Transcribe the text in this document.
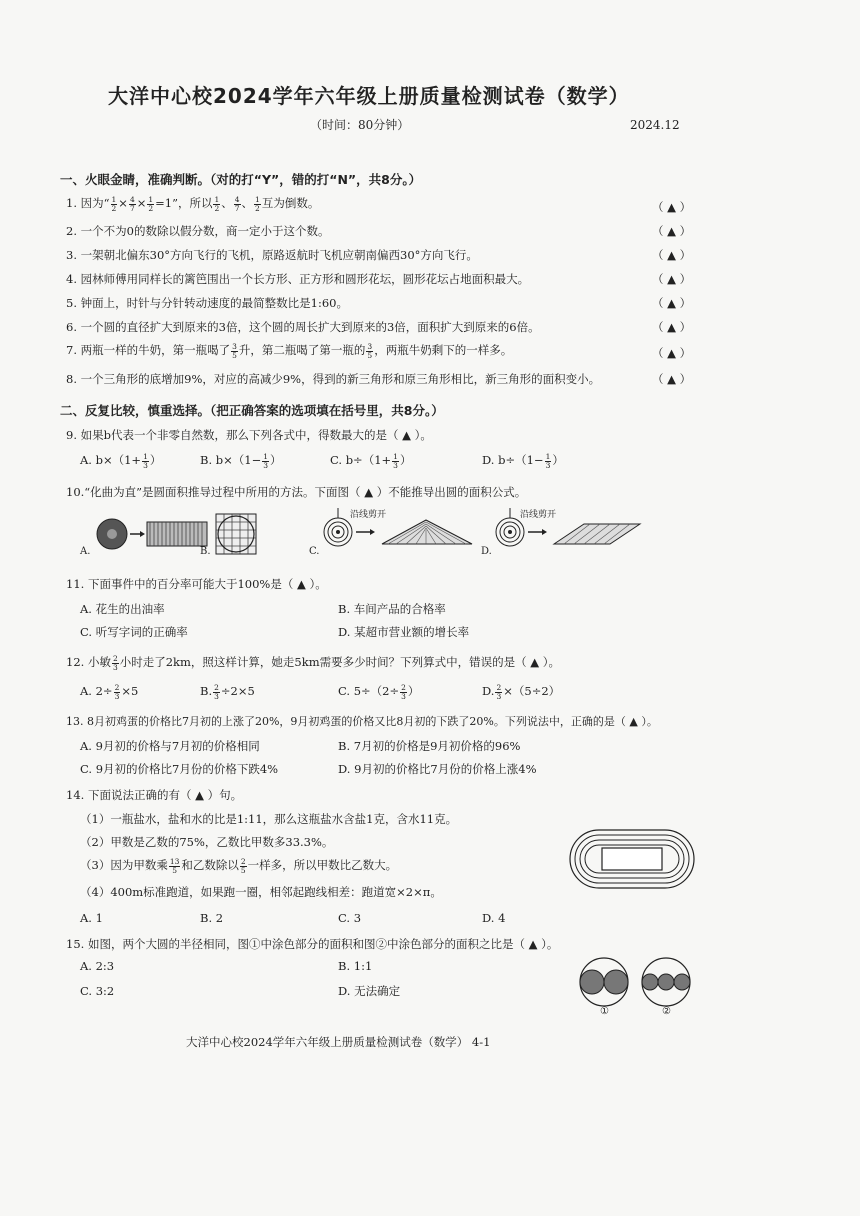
大洋中心校2024学年六年级上册质量检测试卷（数学）
（时间：80分钟）	2024.12
一、火眼金睛，准确判断。（对的打“Y”，错的打“N”，共8分。）
1. 因为“ $\frac{1}{2} \times \frac{4}{7} \times \frac{1}{2} =1$”，所以 $\frac{1}{2}$ 、 $\frac{4}{7}$ 、 $\frac{1}{2}$ 互为倒数。	（ ▲ ）
2. 一个不为0的数除以假分数，商一定小于这个数。	（ ▲ ）
3. 一架朝北偏东30°方向飞行的飞机，原路返航时飞机应朝南偏西30°方向飞行。	（ ▲ ）
4. 园林师傅用同样长的篱笆围出一个长方形、正方形和圆形花坛，圆形花坛占地面积最大。	（ ▲ ）
5. 钟面上，时针与分针转动速度的最简整数比是1:60。	（ ▲ ）
6. 一个圆的直径扩大到原来的3倍，这个圆的周长扩大到原来的3倍，面积扩大到原来的6倍。	（ ▲ ）
7. 两瓶一样的牛奶，第一瓶喝了 $\frac{3}{5}$ 升，第二瓶喝了第一瓶的 $\frac{3}{5}$ ，两瓶牛奶剩下的一样多。	（ ▲ ）
8. 一个三角形的底增加9%，对应的高减少9%，得到的新三角形和原三角形相比，新三角形的面积变小。	（ ▲ ）
二、反复比较，慎重选择。（把正确答案的选项填在括号里，共8分。）
9. 如果b代表一个非零自然数，那么下列各式中，得数最大的是（ ▲ ）。
A. $b\times(1+ \frac{1}{3}$ ）	B. $b\times(1- \frac{1}{3}$ ）	C. $b\div(1+ \frac{1}{3}$ ）	D. $b\div(1- \frac{1}{3}$ ）
10.“化曲为直”是圆面积推导过程中所用的方法。下面图（ ▲ ）不能推导出圆的面积公式。
A.	B.	C.
沿线剪开
D.
沿线剪开
11. 下面事件中的百分率可能大于100%是（ ▲ ）。
A. 花生的出油率	B. 车间产品的合格率
C. 听写字词的正确率	D. 某超市营业额的增长率
12. 小敏 $\frac{2}{3}$ 小时走了2km，照这样计算，她走5km需要多少时间？下列算式中，错误的是（ ▲ ）。
A. $2\div \frac{2}{3} \times 5$	B. $\frac{2}{3} \div 2\times 5$	C. $5\div(2\div \frac{2}{3}$ ）	D. $\frac{2}{3} \times(5\div 2)$
13. 8月初鸡蛋的价格比7月初的上涨了20%，9月初鸡蛋的价格又比8月初的下跌了20%。下列说法中，正确的是（ ▲ ）。
A. 9月初的价格与7月初的价格相同	B. 7月初的价格是9月初价格的96%
C. 9月初的价格比7月份的价格下跌4%	D. 9月初的价格比7月份的价格上涨4%
14. 下面说法正确的有（ ▲ ）句。
（1）一瓶盐水，盐和水的比是1:11，那么这瓶盐水含盐1克，含水11克。
（2）甲数是乙数的75%，乙数比甲数多33.3%。
（3）因为甲数乘 $\frac{13}{5}$ 和乙数除以 $\frac{2}{5}$ 一样多，所以甲数比乙数大。
（4）400m标准跑道，如果跑一圈，相邻起跑线相差：跑道宽×2×π。
A. 1	B. 2	C. 3	D. 4
15. 如图，两个大圆的半径相同，图①中涂色部分的面积和图②中涂色部分的面积之比是（ ▲ ）。
A. 2:3	B. 1:1
C. 3:2	D. 无法确定
①	②
大洋中心校2024学年六年级上册质量检测试卷（数学） 4-1
